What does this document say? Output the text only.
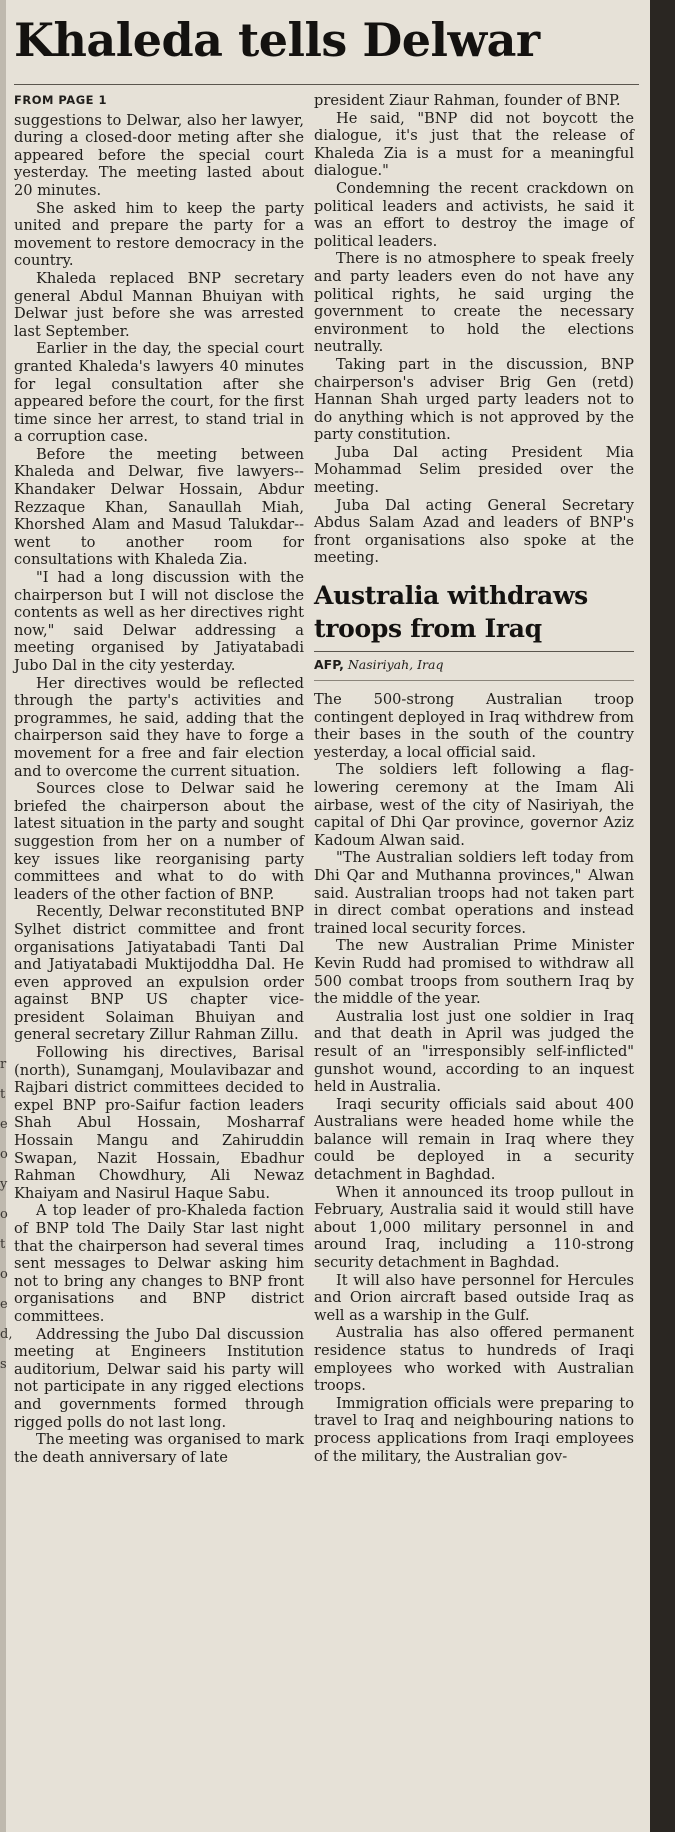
r
t
e
o
y
o
t
o
e
d,
s
Khaleda tells Delwar
FROM PAGE 1

suggestions to Delwar, also her lawyer, during a closed-door meting after she appeared before the special court yesterday. The meeting lasted about 20 minutes.

She asked him to keep the party united and prepare the party for a movement to restore democracy in the country.

Khaleda replaced BNP secretary general Abdul Mannan Bhuiyan with Delwar just before she was arrested last September.

Earlier in the day, the special court granted Khaleda's lawyers 40 minutes for legal consultation after she appeared before the court, for the first time since her arrest, to stand trial in a corruption case.

Before the meeting between Khaleda and Delwar, five lawyers--Khandaker Delwar Hossain, Abdur Rezzaque Khan, Sanaullah Miah, Khorshed Alam and Masud Talukdar--went to another room for consultations with Khaleda Zia.

"I had a long discussion with the chairperson but I will not disclose the contents as well as her directives right now," said Delwar addressing a meeting organised by Jatiyatabadi Jubo Dal in the city yesterday.

Her directives would be reflected through the party's activities and programmes, he said, adding that the chairperson said they have to forge a movement for a free and fair election and to overcome the current situation.

Sources close to Delwar said he briefed the chairperson about the latest situation in the party and sought suggestion from her on a number of key issues like reorganising party committees and what to do with leaders of the other faction of BNP.

Recently, Delwar reconstituted BNP Sylhet district committee and front organisations Jatiyatabadi Tanti Dal and Jatiyatabadi Muktijoddha Dal. He even approved an expulsion order against BNP US chapter vice-president Solaiman Bhuiyan and general secretary Zillur Rahman Zillu.

Following his directives, Barisal (north), Sunamganj, Moulavibazar and Rajbari district committees decided to expel BNP pro-Saifur faction leaders Shah Abul Hossain, Mosharraf Hossain Mangu and Zahiruddin Swapan, Nazit Hossain, Ebadhur Rahman Chowdhury, Ali Newaz Khaiyam and Nasirul Haque Sabu.

A top leader of pro-Khaleda faction of BNP told The Daily Star last night that the chairperson had several times sent messages to Delwar asking him not to bring any changes to BNP front organisations and BNP district committees.

Addressing the Jubo Dal discussion meeting at Engineers Institution auditorium, Delwar said his party will not participate in any rigged elections and governments formed through rigged polls do not last long.

The meeting was organised to mark the death anniversary of late

president Ziaur Rahman, founder of BNP.

He said, "BNP did not boycott the dialogue, it's just that the release of Khaleda Zia is a must for a meaningful dialogue."

Condemning the recent crackdown on political leaders and activists, he said it was an effort to destroy the image of political leaders.

There is no atmosphere to speak freely and party leaders even do not have any political rights, he said urging the government to create the necessary environment to hold the elections neutrally.

Taking part in the discussion, BNP chairperson's adviser Brig Gen (retd) Hannan Shah urged party leaders not to do anything which is not approved by the party constitution.

Juba Dal acting President Mia Mohammad Selim presided over the meeting.

Juba Dal acting General Secretary Abdus Salam Azad and leaders of BNP's front organisations also spoke at the meeting.

Australia withdraws troops from Iraq
AFP, Nasiriyah, Iraq

The 500-strong Australian troop contingent deployed in Iraq withdrew from their bases in the south of the country yesterday, a local official said.

The soldiers left following a flag-lowering ceremony at the Imam Ali airbase, west of the city of Nasiriyah, the capital of Dhi Qar province, governor Aziz Kadoum Alwan said.

"The Australian soldiers left today from Dhi Qar and Muthanna provinces," Alwan said. Australian troops had not taken part in direct combat operations and instead trained local security forces.

The new Australian Prime Minister Kevin Rudd had promised to withdraw all 500 combat troops from southern Iraq by the middle of the year.

Australia lost just one soldier in Iraq and that death in April was judged the result of an "irresponsibly self-inflicted" gunshot wound, according to an inquest held in Australia.

Iraqi security officials said about 400 Australians were headed home while the balance will remain in Iraq where they could be deployed in a security detachment in Baghdad.

When it announced its troop pullout in February, Australia said it would still have about 1,000 military personnel in and around Iraq, including a 110-strong security detachment in Baghdad.

It will also have personnel for Hercules and Orion aircraft based outside Iraq as well as a warship in the Gulf.

Australia has also offered permanent residence status to hundreds of Iraqi employees who worked with Australian troops.

Immigration officials were preparing to travel to Iraq and neighbouring nations to process applications from Iraqi employees of the military, the Australian gov-
